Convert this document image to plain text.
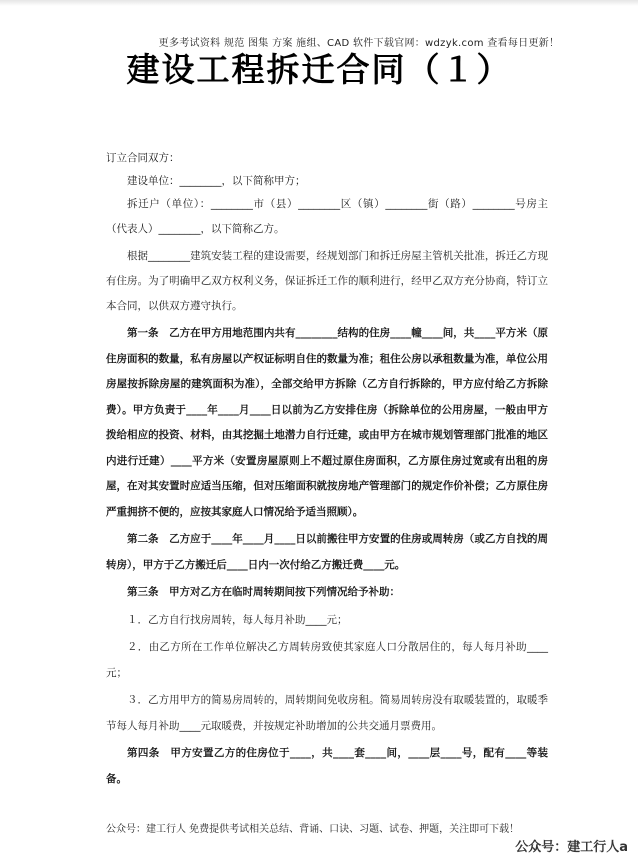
更多考试资料 规范 图集 方案 施组、CAD 软件下载官网：wdzyk.com 查看每日更新！
建设工程拆迁合同（１）

订立合同双方：

建设单位：________，以下简称甲方；

拆迁户（单位）：________市（县）________区（镇）________街（路）________号房主（代表人）________，以下简称乙方。

根据________建筑安装工程的建设需要，经规划部门和拆迁房屋主管机关批准，拆迁乙方现有住房。为了明确甲乙双方权利义务，保证拆迁工作的顺利进行，经甲乙双方充分协商，特订立本合同，以供双方遵守执行。

第一条　乙方在甲方用地范围内共有________结构的住房____幢____间，共____平方米（原住房面积的数量，私有房屋以产权证标明自住的数量为准；租住公房以承租数量为准，单位公用房屋按拆除房屋的建筑面积为准），全部交给甲方拆除（乙方自行拆除的，甲方应付给乙方拆除费）。甲方负责于____年____月____日以前为乙方安排住房（拆除单位的公用房屋，一般由甲方拨给相应的投资、材料，由其挖掘土地潜力自行迁建，或由甲方在城市规划管理部门批准的地区内进行迁建）____平方米（安置房屋原则上不超过原住房面积，乙方原住房过宽或有出租的房屋，在对其安置时应适当压缩，但对压缩面积就按房地产管理部门的规定作价补偿；乙方原住房严重拥挤不便的，应按其家庭人口情况给予适当照顾）。

第二条　乙方应于____年____月____日以前搬往甲方安置的住房或周转房（或乙方自找的周转房），甲方于乙方搬迁后____日内一次付给乙方搬迁费____元。

第三条　甲方对乙方在临时周转期间按下列情况给予补助：

１．乙方自行找房周转，每人每月补助____元；

２．由乙方所在工作单位解决乙方周转房致使其家庭人口分散居住的，每人每月补助____元；

３．乙方用甲方的简易房周转的，周转期间免收房租。简易周转房没有取暖装置的，取暖季节每人每月补助____元取暖费，并按规定补助增加的公共交通月票费用。

第四条　甲方安置乙方的住房位于____，共____套____间，____层____号，配有____等装备。

公众号：建工行人 免费提供考试相关总结、背诵、口诀、习题、试卷、押题，关注即可下载！
公众号：建工行人a
